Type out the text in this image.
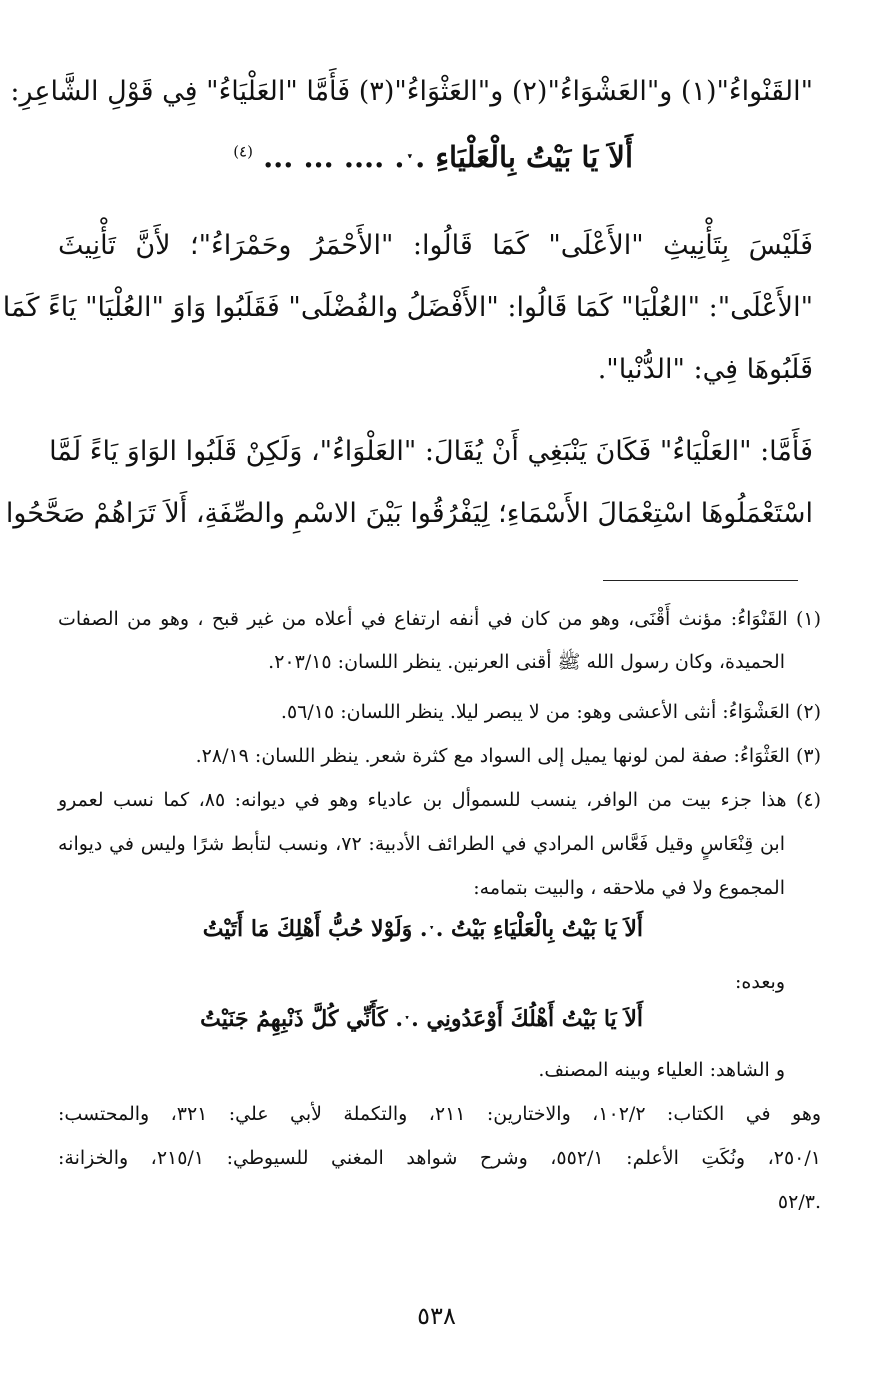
"القَنْواءُ"(١) و"العَشْوَاءُ"(٢) و"العَثْوَاءُ"(٣) فَأَمَّا "العَلْيَاءُ" فِي قَوْلِ الشَّاعِرِ:
أَلاَ يَا بَيْتُ بِالْعَلْيَاءِ .ˑ. .... ... ... $^{(٤)}$
فَلَيْسَ بِتَأْنِيثِ "الأَعْلَى" كَمَا قَالُوا: "الأَحْمَرُ وحَمْرَاءُ"؛ لأَنَّ تَأْنِيثَ
"الأَعْلَى": "العُلْيَا" كَمَا قَالُوا: "الأَفْضَلُ والفُضْلَى" فَقَلَبُوا وَاوَ "العُلْيَا" يَاءً كَمَا
قَلَبُوهَا فِي: "الدُّنْيا".
فَأَمَّا: "العَلْيَاءُ" فَكَانَ يَنْبَغِي أَنْ يُقَالَ: "العَلْوَاءُ"، وَلَكِنْ قَلَبُوا الوَاوَ يَاءً لَمَّا
اسْتَعْمَلُوهَا اسْتِعْمَالَ الأَسْمَاءِ؛ لِيَفْرُقُوا بَيْنَ الاسْمِ والصِّفَةِ، أَلاَ تَرَاهُمْ صَحَّحُوا
(١) القَنْوَاءُ: مؤنث أَقْنَى، وهو من كان في أنفه ارتفاع في أعلاه من غير قبح ، وهو من الصفات
الحميدة، وكان رسول الله ﷺ أقنى العرنين. ينظر اللسان: ٢٠٣/١٥.
(٢) العَشْوَاءُ: أنثى الأعشى وهو: من لا يبصر ليلا. ينظر اللسان: ٥٦/١٥.
(٣) العَثْوَاءُ: صفة لمن لونها يميل إلى السواد مع كثرة شعر. ينظر اللسان: ٢٨/١٩.
(٤) هذا جزء بيت من الوافر، ينسب للسموأل بن عادياء وهو في ديوانه: ٨٥، كما نسب لعمرو
ابن قِنْعَاسٍ وقيل فَعَّاس المرادي في الطرائف الأدبية: ٧٢، ونسب لتأبط شرًا وليس في ديوانه
المجموع ولا في ملاحقه ، والبيت بتمامه:
أَلاَ يَا بَيْتُ بِالْعَلْيَاءِ بَيْتُ .ˑ. وَلَوْلا حُبُّ أَهْلِكَ مَا أَتَيْتُ
وبعده:
أَلاَ يَا بَيْتُ أَهْلُكَ أَوْعَدُونِي .ˑ. كَأَنِّي كُلَّ ذَنْبِهِمُ جَنَيْتُ
و الشاهد: العلياء وبينه المصنف.
وهو في الكتاب: ١٠٢/٢، والاختارين: ٢١١، والتكملة لأبي علي: ٣٢١، والمحتسب:
٢٥٠/١، ونُكَتِ الأعلم: ٥٥٢/١، وشرح شواهد المغني للسيوطي: ٢١٥/١، والخزانة:
.٥٢/٣
٥٣٨
